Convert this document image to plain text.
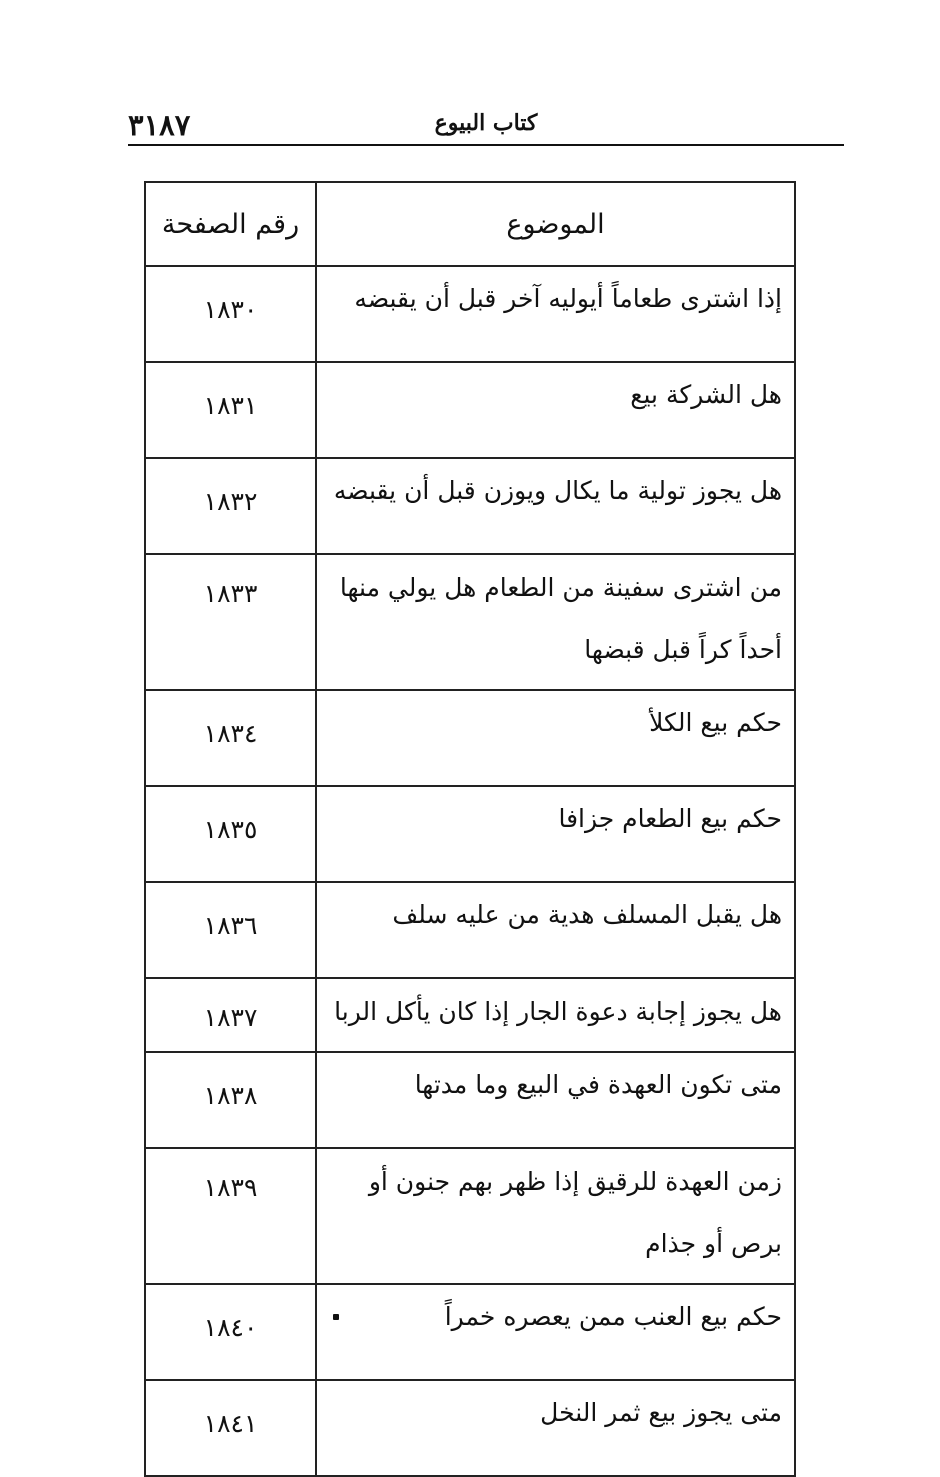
٣١٨٧	كتاب البيوع
الموضوع	رقم الصفحة
إذا اشترى طعاماً أيوليه آخر قبل أن يقبضه	١٨٣٠
هل الشركة بيع	١٨٣١
هل يجوز تولية ما يكال ويوزن قبل أن يقبضه	١٨٣٢
من اشترى سفينة من الطعام هل يولي منها أحداً كراً قبل قبضها	١٨٣٣
حكم بيع الكلأ	١٨٣٤
حكم بيع الطعام جزافا	١٨٣٥
هل يقبل المسلف هدية من عليه سلف	١٨٣٦
هل يجوز إجابة دعوة الجار إذا كان يأكل الربا	١٨٣٧
متى تكون العهدة في البيع وما مدتها	١٨٣٨
زمن العهدة للرقيق إذا ظهر بهم جنون أو برص أو جذام	١٨٣٩
حكم بيع العنب ممن يعصره خمراً	١٨٤٠
متى يجوز بيع ثمر النخل	١٨٤١
